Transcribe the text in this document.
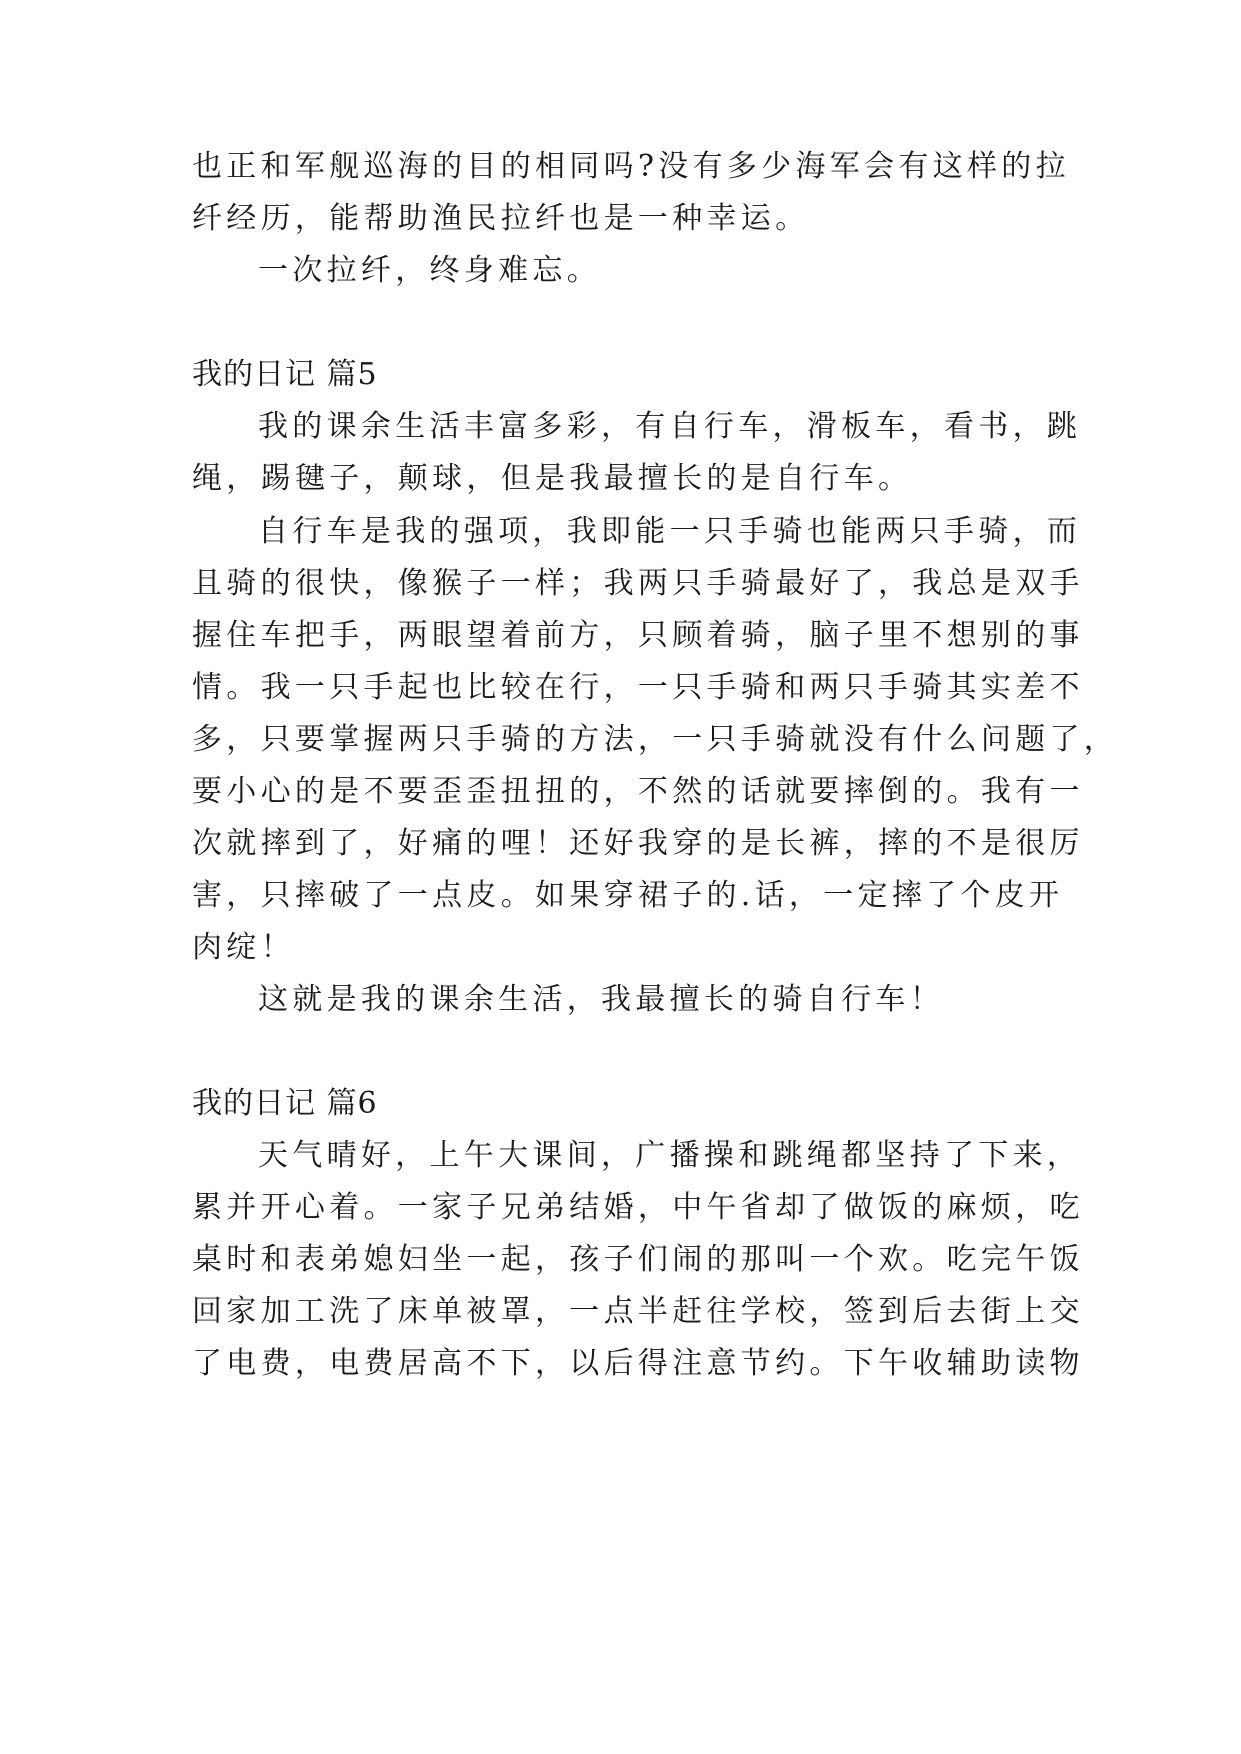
也正和军舰巡海的目的相同吗?没有多少海军会有这样的拉
纤经历，能帮助渔民拉纤也是一种幸运。
一次拉纤，终身难忘。
我的日记 篇5
我的课余生活丰富多彩，有自行车，滑板车，看书，跳
绳，踢毽子，颠球，但是我最擅长的是自行车。
自行车是我的强项，我即能一只手骑也能两只手骑，而
且骑的很快，像猴子一样；我两只手骑最好了，我总是双手
握住车把手，两眼望着前方，只顾着骑，脑子里不想别的事
情。我一只手起也比较在行，一只手骑和两只手骑其实差不
多，只要掌握两只手骑的方法，一只手骑就没有什么问题了，
要小心的是不要歪歪扭扭的，不然的话就要摔倒的。我有一
次就摔到了，好痛的哩！还好我穿的是长裤，摔的不是很厉
害，只摔破了一点皮。如果穿裙子的.话，一定摔了个皮开
肉绽！
这就是我的课余生活，我最擅长的骑自行车！
我的日记 篇6
天气晴好，上午大课间，广播操和跳绳都坚持了下来，
累并开心着。一家子兄弟结婚，中午省却了做饭的麻烦，吃
桌时和表弟媳妇坐一起，孩子们闹的那叫一个欢。吃完午饭
回家加工洗了床单被罩，一点半赶往学校，签到后去街上交
了电费，电费居高不下，以后得注意节约。下午收辅助读物
